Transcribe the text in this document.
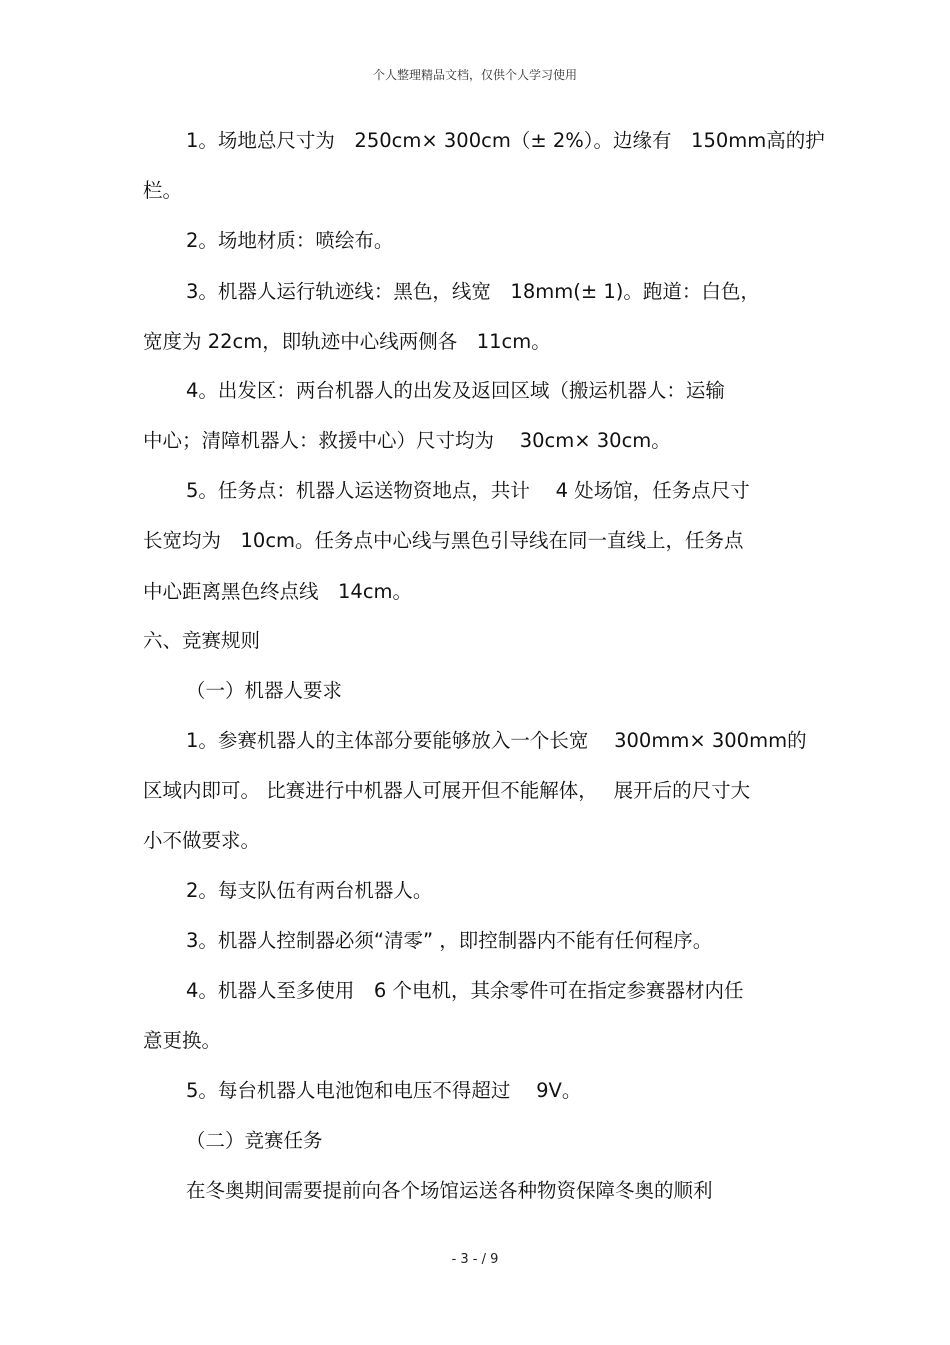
个人整理精品文档，仅供个人学习使用
1。场地总尺寸为　250cm× 300cm（± 2%）。边缘有　150mm高的护
栏。
2。场地材质：喷绘布。
3。机器人运行轨迹线：黑色，线宽　18mm(± 1)。跑道：白色，
宽度为 22cm，即轨迹中心线两侧各　11cm。
4。出发区：两台机器人的出发及返回区域（搬运机器人：运输
中心；清障机器人：救援中心）尺寸均为　 30cm× 30cm。
5。任务点：机器人运送物资地点，共计　 4 处场馆，任务点尺寸
长宽均为　10cm。任务点中心线与黑色引导线在同一直线上，任务点
中心距离黑色终点线　14cm。
六、竞赛规则
（一）机器人要求
1。参赛机器人的主体部分要能够放入一个长宽　 300mm× 300mm的
区域内即可。 比赛进行中机器人可展开但不能解体，　 展开后的尺寸大
小不做要求。
2。每支队伍有两台机器人。
3。机器人控制器必须“清零” ，即控制器内不能有任何程序。
4。机器人至多使用　6 个电机，其余零件可在指定参赛器材内任
意更换。
5。每台机器人电池饱和电压不得超过　 9V。
（二）竞赛任务
在冬奥期间需要提前向各个场馆运送各种物资保障冬奥的顺利
- 3 - / 9
